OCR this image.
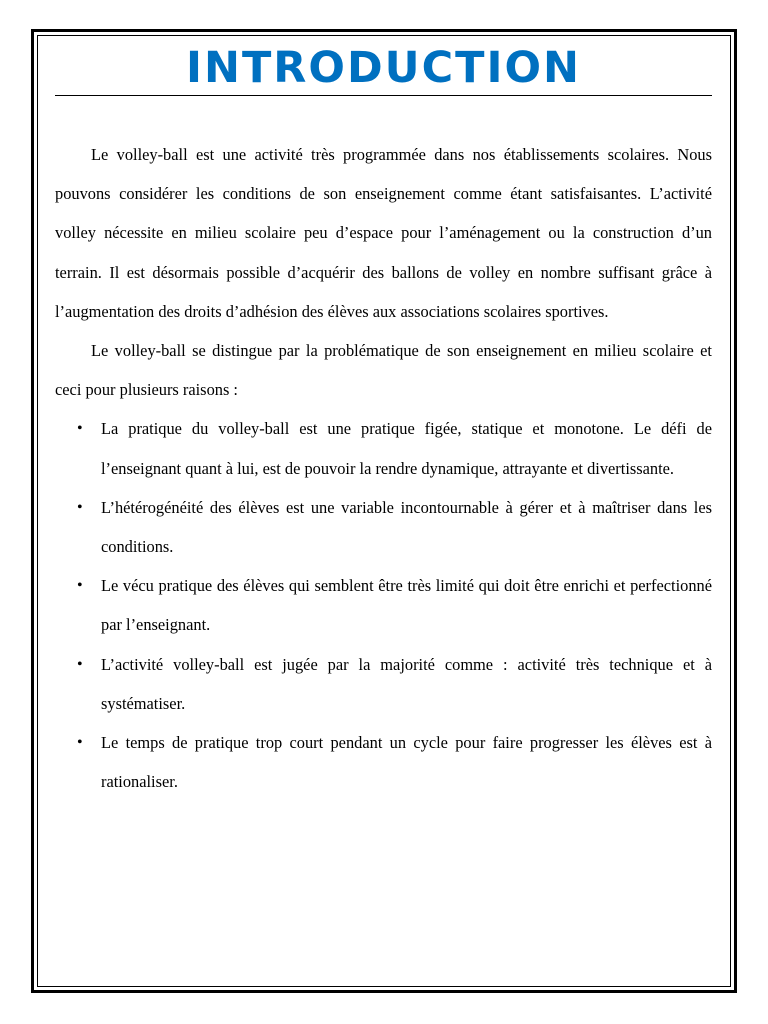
INTRODUCTION

Le volley-ball est une activité très programmée dans nos établissements scolaires. Nous pouvons considérer les conditions de son enseignement comme étant satisfaisantes. L’activité volley nécessite en milieu scolaire peu d’espace pour l’aménagement ou la construction d’un terrain. Il est désormais possible d’acquérir des ballons de volley en nombre suffisant grâce à l’augmentation des droits d’adhésion des élèves aux associations scolaires sportives.

Le volley-ball se distingue par la problématique de son enseignement en milieu scolaire et ceci pour plusieurs raisons :

• La pratique du volley-ball est une pratique figée, statique et monotone. Le défi de l’enseignant quant à lui, est de pouvoir la rendre dynamique, attrayante et divertissante.
• L’hétérogénéité des élèves est une variable incontournable à gérer et à maîtriser dans les conditions.
• Le vécu pratique des élèves qui semblent être très limité qui doit être enrichi et perfectionné par l’enseignant.
• L’activité volley-ball est jugée par la majorité comme : activité très technique et à systématiser.
• Le temps de pratique trop court pendant un cycle pour faire progresser les élèves est à rationaliser.
